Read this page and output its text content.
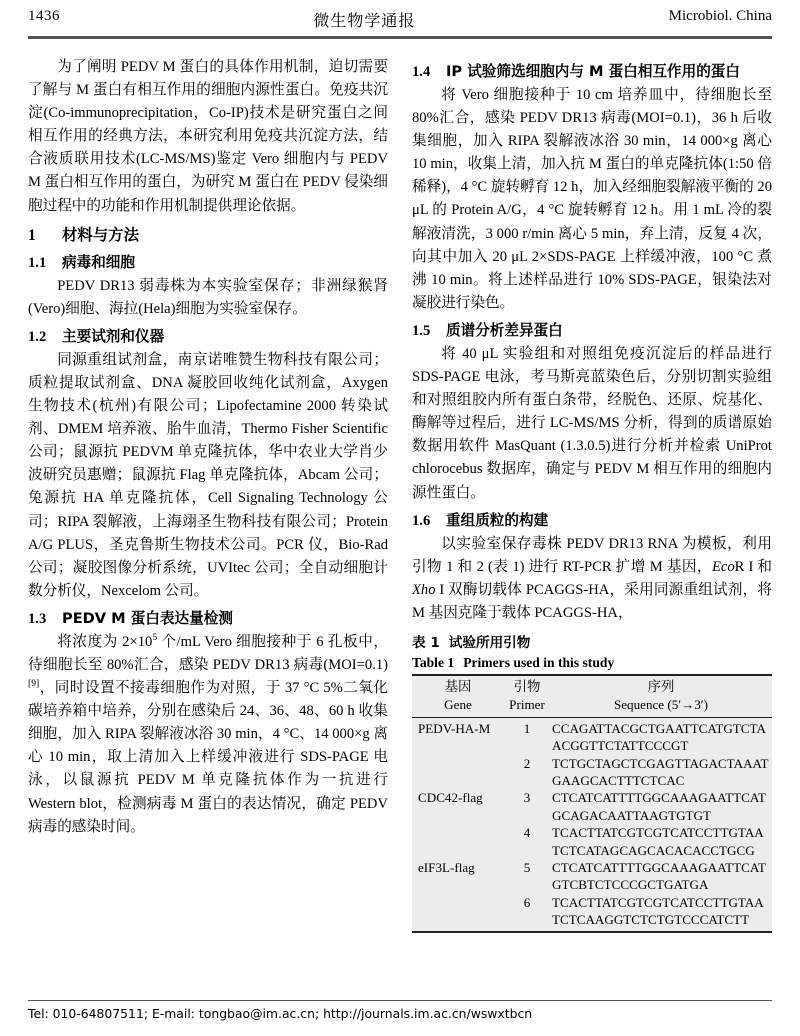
1436	微生物学通报	Microbiol. China

为了阐明 PEDV M 蛋白的具体作用机制，迫切需要了解与 M 蛋白有相互作用的细胞内源性蛋白。免疫共沉淀(Co-immunoprecipitation，Co-IP)技术是研究蛋白之间相互作用的经典方法，本研究利用免疫共沉淀方法，结合液质联用技术(LC-MS/MS)鉴定 Vero 细胞内与 PEDV M 蛋白相互作用的蛋白，为研究 M 蛋白在 PEDV 侵染细胞过程中的功能和作用机制提供理论依据。

1 材料与方法
1.1 病毒和细胞

PEDV DR13 弱毒株为本实验室保存；非洲绿猴肾(Vero)细胞、海拉(Hela)细胞为实验室保存。

1.2 主要试剂和仪器

同源重组试剂盒，南京诺唯赞生物科技有限公司；质粒提取试剂盒、DNA 凝胶回收纯化试剂盒，Axygen 生物技术(杭州)有限公司；Lipofectamine 2000 转染试剂、DMEM 培养液、胎牛血清，Thermo Fisher Scientific 公司；鼠源抗 PEDVM 单克隆抗体，华中农业大学肖少波研究员惠赠；鼠源抗 Flag 单克隆抗体，Abcam 公司；兔源抗 HA 单克隆抗体，Cell Signaling Technology 公司；RIPA 裂解液，上海翊圣生物科技有限公司；Protein A/G PLUS，圣克鲁斯生物技术公司。PCR 仪，Bio-Rad 公司；凝胶图像分析系统，UVItec 公司；全自动细胞计数分析仪，Nexcelom 公司。

1.3 PEDV M 蛋白表达量检测

将浓度为 $2\times 10^5$ 个/mL Vero 细胞接种于 6 孔板中，待细胞长至 80%汇合，感染 PEDV DR13 病毒(MOI=0.1)[9]，同时设置不接毒细胞作为对照，于 37 °C 5%二氧化碳培养箱中培养，分别在感染后 24、36、48、60 h 收集细胞，加入 RIPA 裂解液冰浴 30 min，4 °C、14 000×g 离心 10 min，取上清加入上样缓冲液进行 SDS-PAGE 电泳，以鼠源抗 PEDV M 单克隆抗体作为一抗进行 Western blot，检测病毒 M 蛋白的表达情况，确定 PEDV 病毒的感染时间。

1.4 IP 试验筛选细胞内与 M 蛋白相互作用的蛋白

将 Vero 细胞接种于 10 cm 培养皿中，待细胞长至 80%汇合，感染 PEDV DR13 病毒(MOI=0.1)，36 h 后收集细胞，加入 RIPA 裂解液冰浴 30 min，14 000×g 离心 10 min，收集上清，加入抗 M 蛋白的单克隆抗体(1:50 倍稀释)，4 °C 旋转孵育 12 h，加入经细胞裂解液平衡的 20 μL 的 Protein A/G，4 °C 旋转孵育 12 h。用 1 mL 冷的裂解液清洗，3 000 r/min 离心 5 min，弃上清，反复 4 次，向其中加入 20 μL 2×SDS-PAGE 上样缓冲液，100 °C 煮沸 10 min。将上述样品进行 10% SDS-PAGE，银染法对凝胶进行染色。

1.5 质谱分析差异蛋白

将 40 μL 实验组和对照组免疫沉淀后的样品进行 SDS-PAGE 电泳，考马斯亮蓝染色后，分别切割实验组和对照组胶内所有蛋白条带，经脱色、还原、烷基化、酶解等过程后，进行 LC-MS/MS 分析，得到的质谱原始数据用软件 MasQuant (1.3.0.5)进行分析并检索 UniProt chlorocebus 数据库，确定与 PEDV M 相互作用的细胞内源性蛋白。

1.6 重组质粒的构建

以实验室保存毒株 PEDV DR13 RNA 为模板，利用引物 1 和 2 (表 1) 进行 RT-PCR 扩增 M 基因，EcoR I 和 Xho I 双酶切载体 PCAGGS-HA，采用同源重组试剂，将 M 基因克隆于载体 PCAGGS-HA，

表 1 试验所用引物

Table 1 Primers used in this study

基因	引物	序列
Gene	Primer	Sequence (5′→3′)
PEDV-HA-M	1	CCAGATTACGCTGAATTCATGTCTA
ACGGTTCTATTCCCGT

	2	TCTGCTAGCTCGAGTTAGACTAAAT
GAAGCACTTTCTCAC

CDC42-flag	3	CTCATCATTTTGGCAAAGAATTCAT
GCAGACAATTAAGTGTGT

	4	TCACTTATCGTCGTCATCCTTGTAA
TCTCATAGCAGCACACACCTGCG

eIF3L-flag	5	CTCATCATTTTGGCAAAGAATTCAT
GTCBTCTCCCGCTGATGA

	6	TCACTTATCGTCGTCATCCTTGTAA
TCTCAAGGTCTCTGTCCCATCTT
Tel: 010-64807511; E-mail: tongbao@im.ac.cn; http://journals.im.ac.cn/wswxtbcn
